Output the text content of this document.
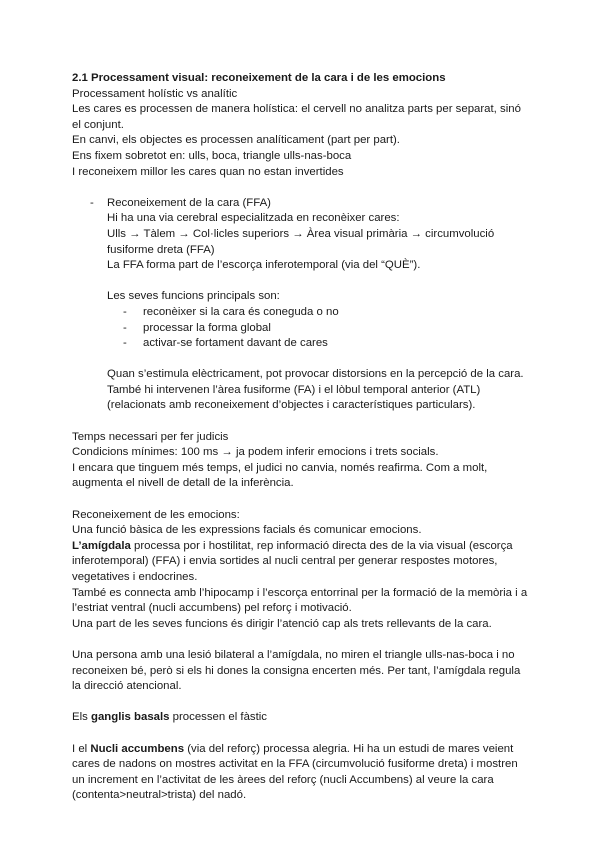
2.1 Processament visual: reconeixement de la cara i de les emocions

Processament holístic vs analític

Les cares es processen de manera holística: el cervell no analitza parts per separat, sinó el conjunt.

En canvi, els objectes es processen analíticament (part per part).

Ens fixem sobretot en: ulls, boca, triangle ulls-nas-boca

I reconeixem millor les cares quan no estan invertides

-	Reconeixement de la cara (FFA)

Hi ha una via cerebral especialitzada en reconèixer cares:

Ulls → Tàlem → Col·licles superiors → Àrea visual primària → circumvolució fusiforme dreta (FFA)

La FFA forma part de l’escorça inferotemporal (via del “QUÈ”).

Les seves funcions principals son:

-	reconèixer si la cara és coneguda o no
-	processar la forma global
-	activar-se fortament davant de cares

Quan s’estimula elèctricament, pot provocar distorsions en la percepció de la cara.

També hi intervenen l’àrea fusiforme (FA) i el lòbul temporal anterior (ATL) (relacionats amb reconeixement d’objectes i característiques particulars).

Temps necessari per fer judicis

Condicions mínimes: 100 ms → ja podem inferir emocions i trets socials.

I encara que tinguem més temps, el judici no canvia, només reafirma. Com a molt, augmenta el nivell de detall de la inferència.

Reconeixement de les emocions:

Una funció bàsica de les expressions facials és comunicar emocions.

L’amígdala processa por i hostilitat, rep informació directa des de la via visual (escorça inferotemporal) (FFA) i envia sortides al nucli central per generar respostes motores, vegetatives i endocrines.

També es connecta amb l’hipocamp i l’escorça entorrinal per la formació de la memòria i a l’estriat ventral (nucli accumbens) pel reforç i motivació.

Una part de les seves funcions és dirigir l’atenció cap als trets rellevants de la cara.

Una persona amb una lesió bilateral a l’amígdala, no miren el triangle ulls-nas-boca i no reconeixen bé, però si els hi dones la consigna encerten més. Per tant, l’amígdala regula la direcció atencional.

Els ganglis basals processen el fàstic

I el Nucli accumbens (via del reforç) processa alegria. Hi ha un estudi de mares veient cares de nadons on mostres activitat en la FFA (circumvolució fusiforme dreta) i mostren un increment en l’activitat de les àrees del reforç (nucli Accumbens) al veure la cara (contenta>neutral>trista) del nadó.
